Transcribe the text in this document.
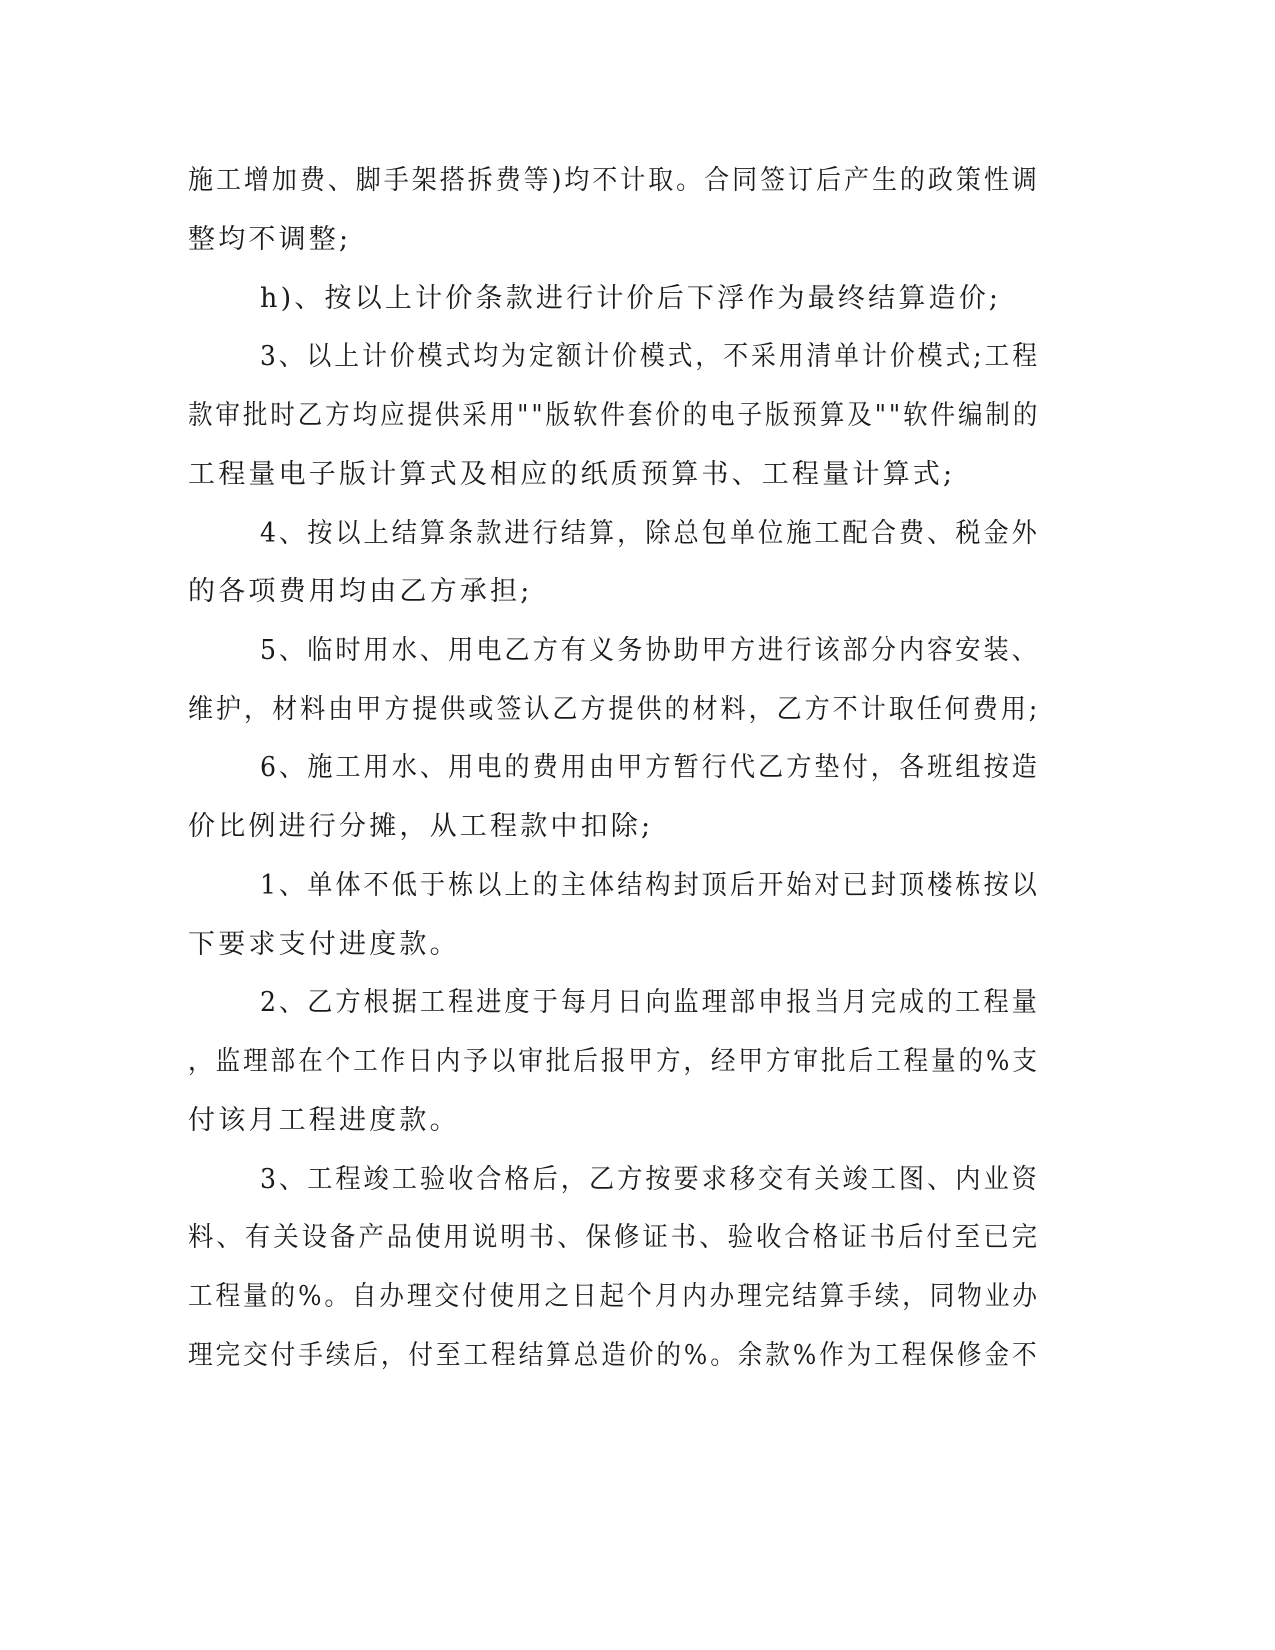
施工增加费、脚手架搭拆费等)均不计取。合同签订后产生的政策性调
整均不调整;
h)、按以上计价条款进行计价后下浮作为最终结算造价;
3、以上计价模式均为定额计价模式，不采用清单计价模式;工程
款审批时乙方均应提供采用""版软件套价的电子版预算及""软件编制的
工程量电子版计算式及相应的纸质预算书、工程量计算式;
4、按以上结算条款进行结算，除总包单位施工配合费、税金外
的各项费用均由乙方承担;
5、临时用水、用电乙方有义务协助甲方进行该部分内容安装、
维护，材料由甲方提供或签认乙方提供的材料，乙方不计取任何费用;
6、施工用水、用电的费用由甲方暂行代乙方垫付，各班组按造
价比例进行分摊，从工程款中扣除;
1、单体不低于栋以上的主体结构封顶后开始对已封顶楼栋按以
下要求支付进度款。
2、乙方根据工程进度于每月日向监理部申报当月完成的工程量
，监理部在个工作日内予以审批后报甲方，经甲方审批后工程量的%支
付该月工程进度款。
3、工程竣工验收合格后，乙方按要求移交有关竣工图、内业资
料、有关设备产品使用说明书、保修证书、验收合格证书后付至已完
工程量的%。自办理交付使用之日起个月内办理完结算手续，同物业办
理完交付手续后，付至工程结算总造价的%。余款%作为工程保修金不
